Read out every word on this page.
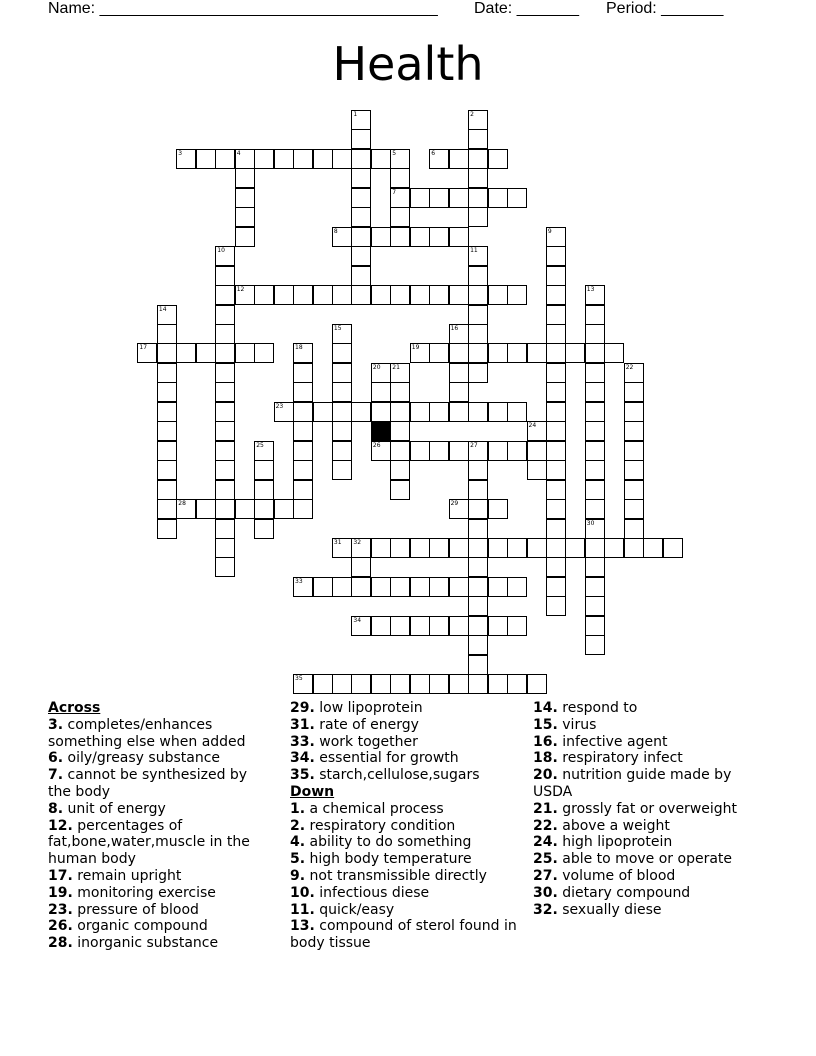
Name: ______________________________________ Date: _______ Period: _______
Health
1	2
3	4	5
7
6
8	9
10	11
12	13
14
15	16
17	18	19
20 21	22
23
24
25	26	27
28	29
30
31 32
33
34
35
Across
3. completes/enhances something else when added
6. oily/greasy substance
7. cannot be synthesized by the body
8. unit of energy
12. percentages of fat,bone,water,muscle in the human body
17. remain upright
19. monitoring exercise
23. pressure of blood
26. organic compound
28. inorganic substance
29. low lipoprotein
31. rate of energy
33. work together
34. essential for growth
35. starch,cellulose,sugars
Down
1. a chemical process
2. respiratory condition
4. ability to do something
5. high body temperature
9. not transmissible directly
10. infectious diese
11. quick/easy
13. compound of sterol found in body tissue
14. respond to
15. virus
16. infective agent
18. respiratory infect
20. nutrition guide made by USDA
21. grossly fat or overweight
22. above a weight
24. high lipoprotein
25. able to move or operate
27. volume of blood
30. dietary compound
32. sexually diese
